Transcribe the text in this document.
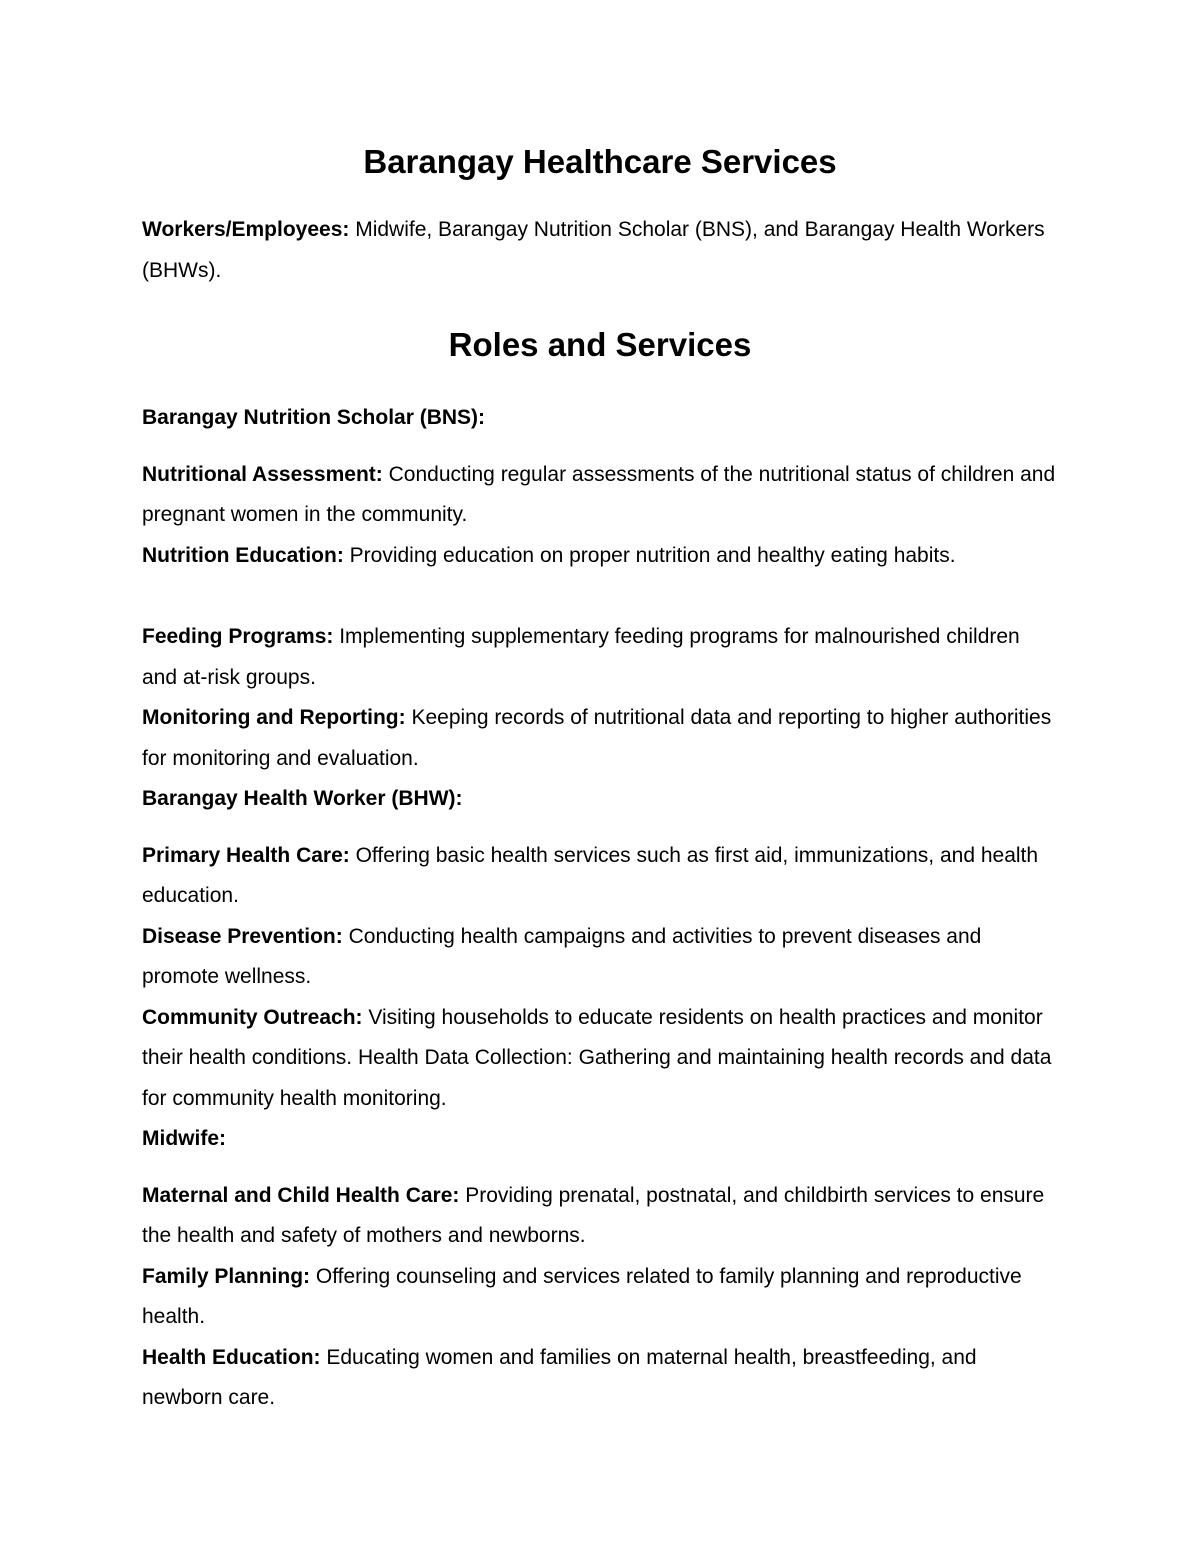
Barangay Healthcare Services

Workers/Employees: Midwife, Barangay Nutrition Scholar (BNS), and Barangay Health Workers (BHWs).

Roles and Services

Barangay Nutrition Scholar (BNS):

Nutritional Assessment: Conducting regular assessments of the nutritional status of children and pregnant women in the community.

Nutrition Education: Providing education on proper nutrition and healthy eating habits.

Feeding Programs: Implementing supplementary feeding programs for malnourished children and at-risk groups.

Monitoring and Reporting: Keeping records of nutritional data and reporting to higher authorities for monitoring and evaluation.

Barangay Health Worker (BHW):

Primary Health Care: Offering basic health services such as first aid, immunizations, and health education.

Disease Prevention: Conducting health campaigns and activities to prevent diseases and promote wellness.

Community Outreach: Visiting households to educate residents on health practices and monitor their health conditions. Health Data Collection: Gathering and maintaining health records and data for community health monitoring.

Midwife:

Maternal and Child Health Care: Providing prenatal, postnatal, and childbirth services to ensure the health and safety of mothers and newborns.

Family Planning: Offering counseling and services related to family planning and reproductive health.

Health Education: Educating women and families on maternal health, breastfeeding, and newborn care.
